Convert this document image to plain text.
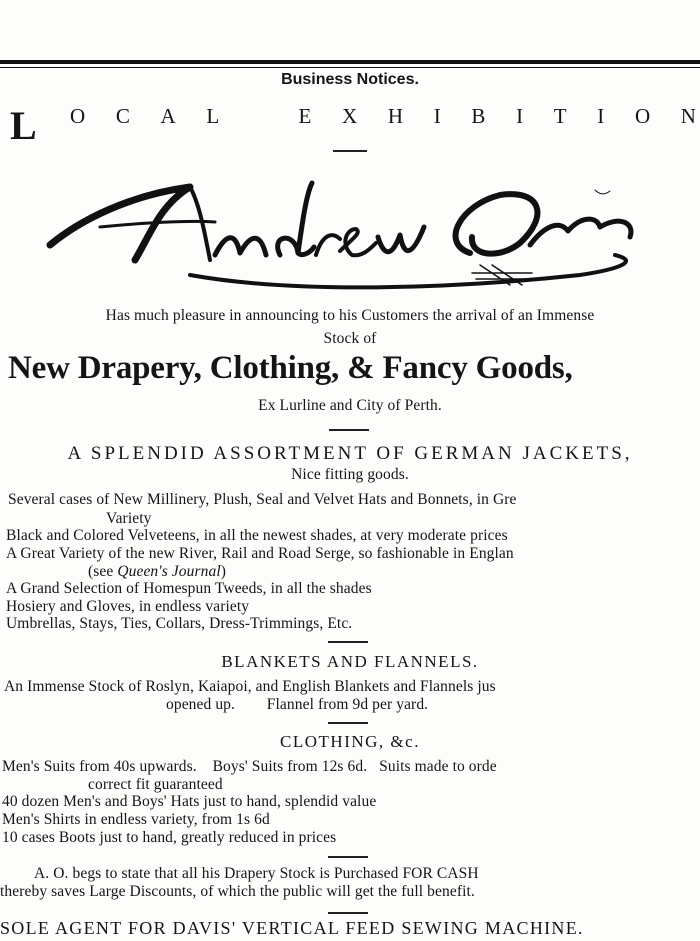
Business Notices.
L O C A L	E X H I B I T I O N
Has much pleasure in announcing to his Customers the arrival of an Immense
Stock of
New Drapery, Clothing, & Fancy Goods,
Ex Lurline and City of Perth.
A SPLENDID ASSORTMENT OF GERMAN JACKETS,
Nice fitting goods.
Several cases of New Millinery, Plush, Seal and Velvet Hats and Bonnets, in Gre
Variety
Black and Colored Velveteens, in all the newest shades, at very moderate prices
A Great Variety of the new River, Rail and Road Serge, so fashionable in Englan
(see Queen's Journal)
A Grand Selection of Homespun Tweeds, in all the shades
Hosiery and Gloves, in endless variety
Umbrellas, Stays, Ties, Collars, Dress-Trimmings, Etc.
BLANKETS AND FLANNELS.
An Immense Stock of Roslyn, Kaiapoi, and English Blankets and Flannels jus
opened up.        Flannel from 9d per yard.
CLOTHING, &c.
Men's Suits from 40s upwards.    Boys' Suits from 12s 6d.   Suits made to orde
correct fit guaranteed
40 dozen Men's and Boys' Hats just to hand, splendid value
Men's Shirts in endless variety, from 1s 6d
10 cases Boots just to hand, greatly reduced in prices
A. O. begs to state that all his Drapery Stock is Purchased FOR CASH
thereby saves Large Discounts, of which the public will get the full benefit.
SOLE AGENT FOR DAVIS' VERTICAL FEED SEWING MACHINE.
